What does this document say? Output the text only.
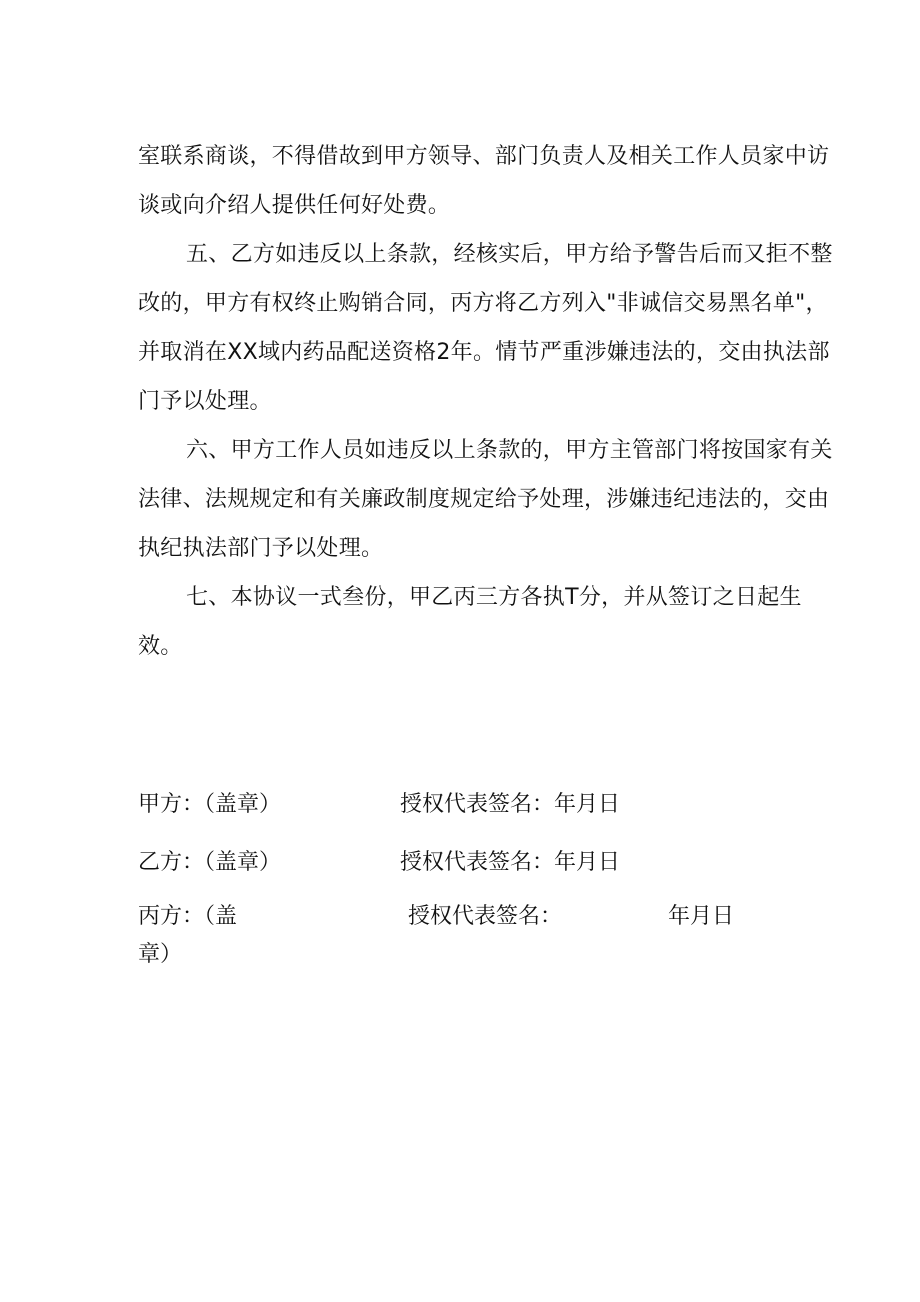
室联系商谈，不得借故到甲方领导、部门负责人及相关工作人员家中访谈或向介绍人提供任何好处费。

五、乙方如违反以上条款，经核实后，甲方给予警告后而又拒不整改的，甲方有权终止购销合同，丙方将乙方列入"非诚信交易黑名单"，并取消在XX域内药品配送资格2年。情节严重涉嫌违法的，交由执法部门予以处理。

六、甲方工作人员如违反以上条款的，甲方主管部门将按国家有关法律、法规规定和有关廉政制度规定给予处理，涉嫌违纪违法的，交由执纪执法部门予以处理。

七、本协议一式叁份，甲乙丙三方各执T分，并从签订之日起生效。

甲方：（盖章）	授权代表签名：年月日
乙方：（盖章）	授权代表签名：年月日
丙方：（盖	授权代表签名：	年月日
章）
